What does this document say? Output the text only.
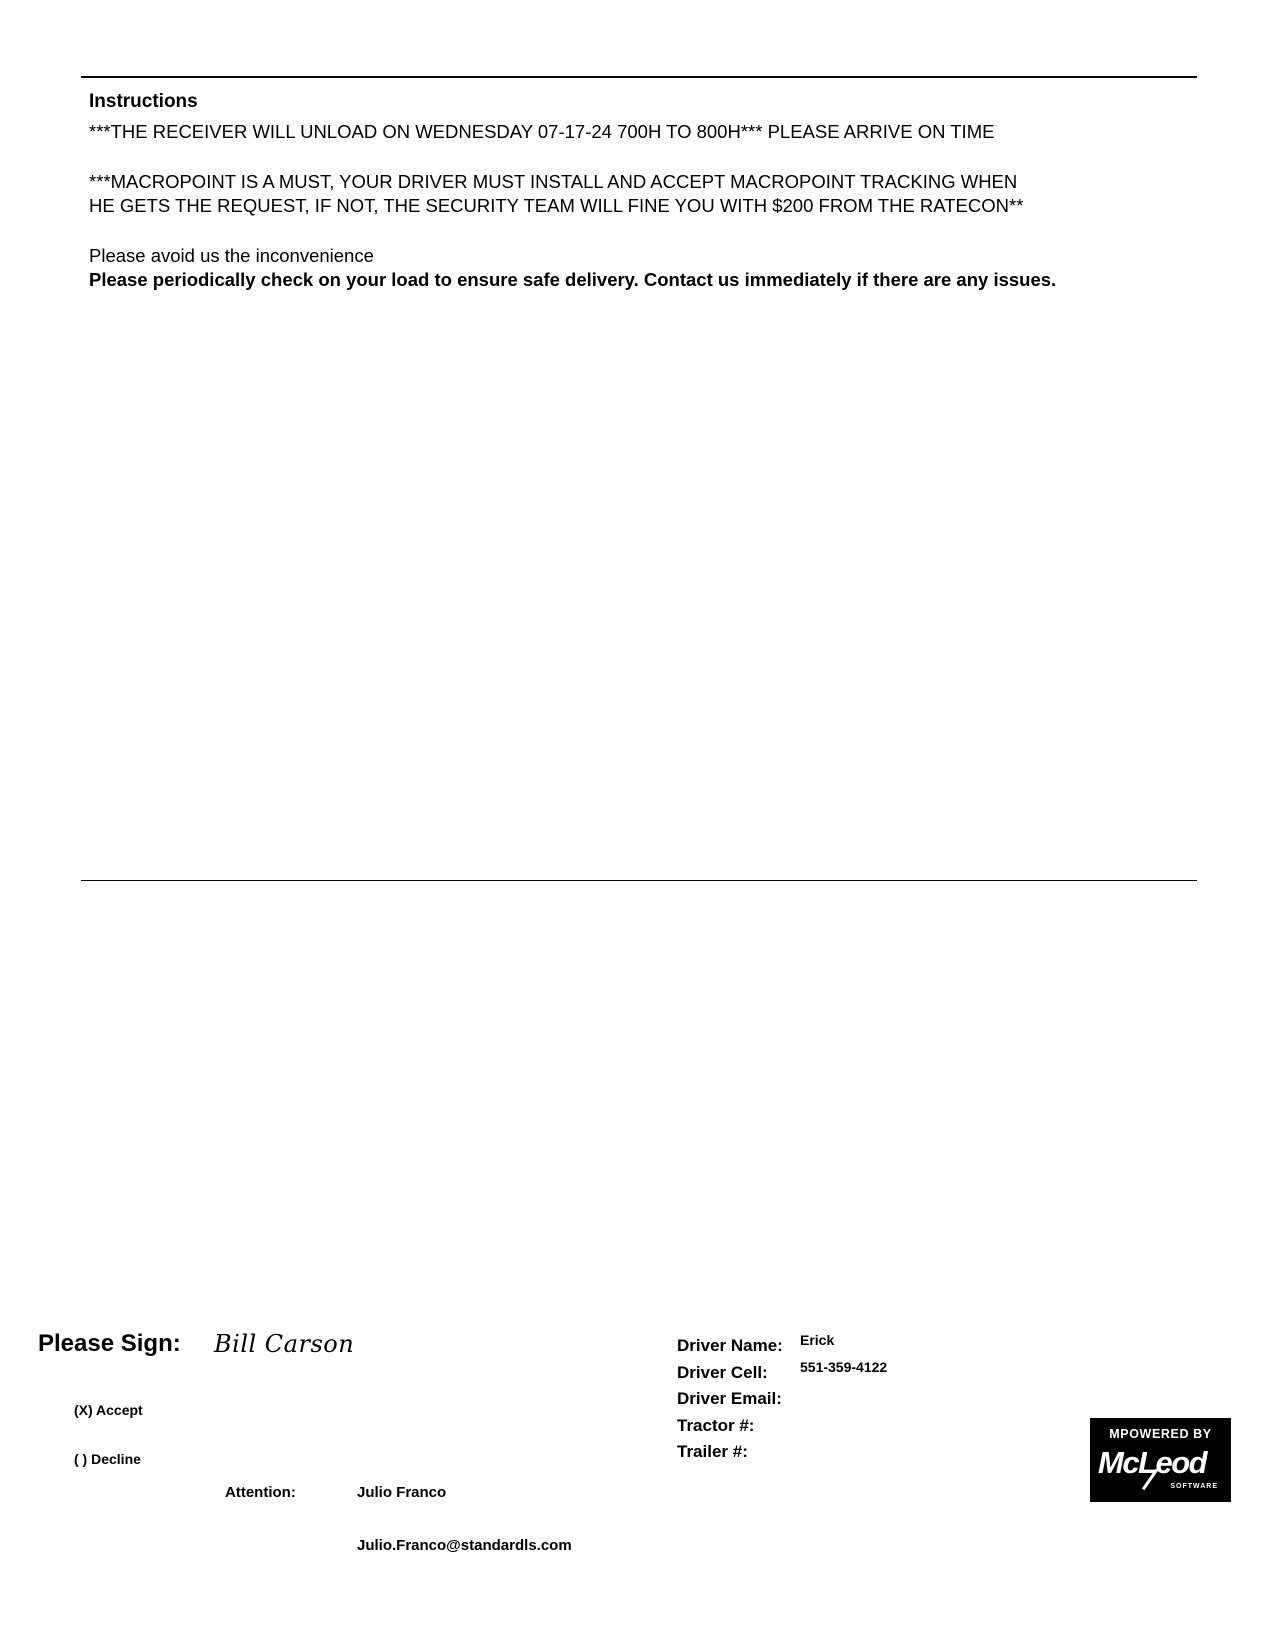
Instructions

***THE RECEIVER WILL UNLOAD ON WEDNESDAY 07-17-24 700H TO 800H*** PLEASE ARRIVE ON TIME

***MACROPOINT IS A MUST, YOUR DRIVER MUST INSTALL AND ACCEPT MACROPOINT TRACKING WHEN

HE GETS THE REQUEST, IF NOT, THE SECURITY TEAM WILL FINE YOU WITH $200 FROM THE RATECON**

Please avoid us the inconvenience

Please periodically check on your load to ensure safe delivery. Contact us immediately if there are any issues.

Please Sign: Bill Carson
(X) Accept
( ) Decline
Attention:	Julio Franco
Julio.Franco@standardls.com
Driver Name: Erick
Driver Cell: 551-359-4122
Driver Email:
Tractor #:
Trailer #:
MPOWERED BY
McLeod
SOFTWARE
